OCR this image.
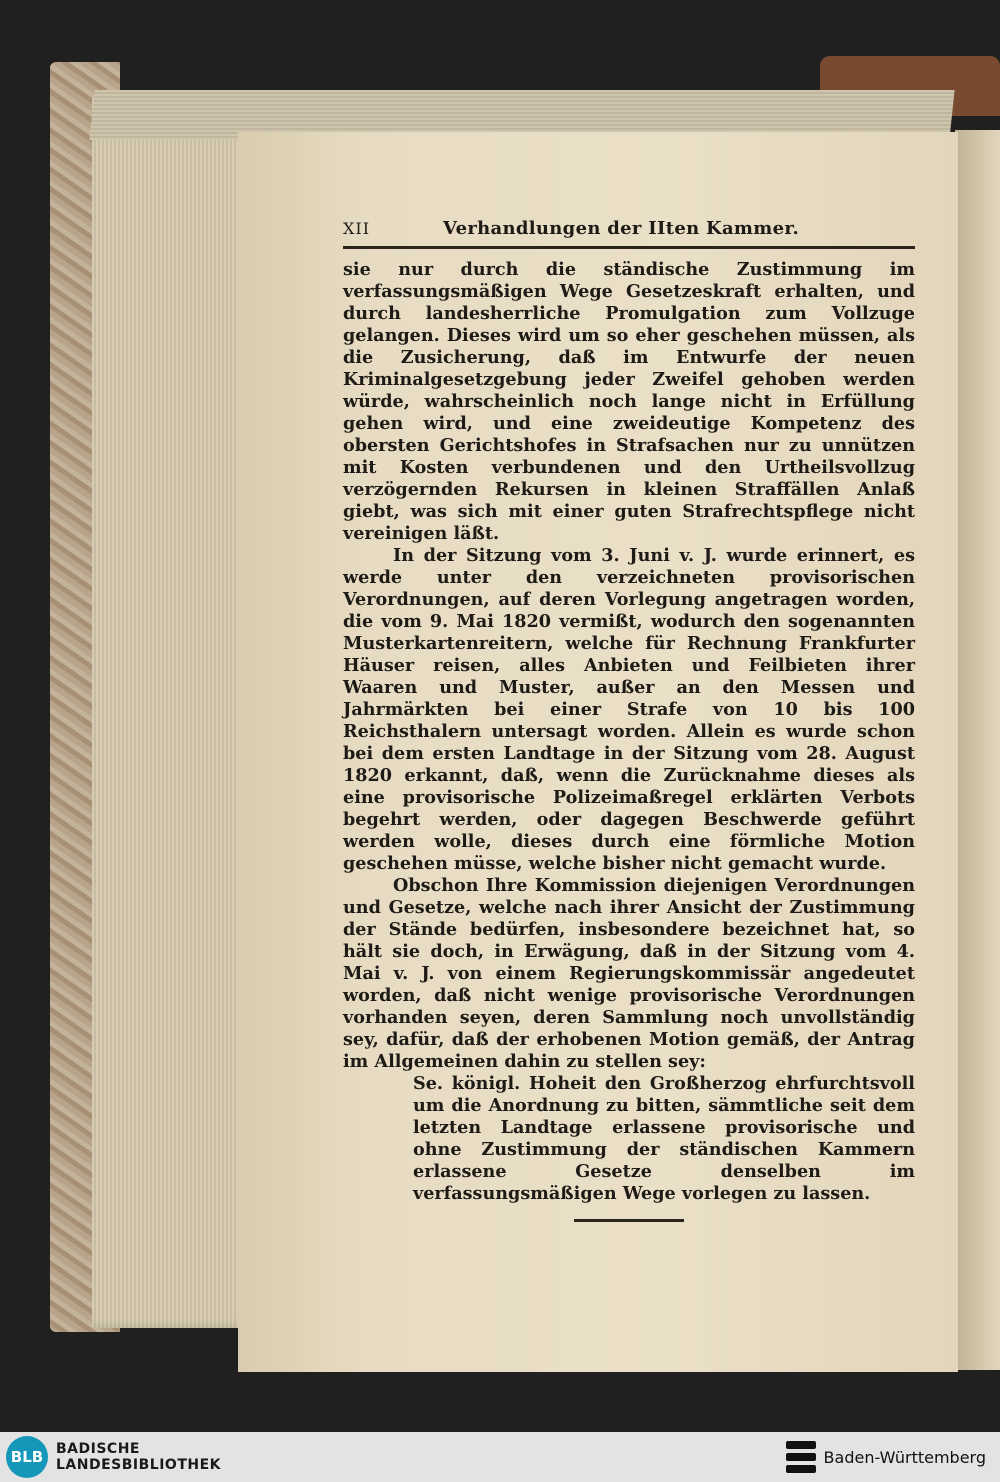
XII	Verhandlungen der IIten Kammer.

sie nur durch die ständische Zustimmung im verfassungsmäßigen Wege Gesetzeskraft erhalten, und durch landesherrliche Promulgation zum Vollzuge gelangen. Dieses wird um so eher geschehen müssen, als die Zusicherung, daß im Entwurfe der neuen Kriminalgesetzgebung jeder Zweifel gehoben werden würde, wahrscheinlich noch lange nicht in Erfüllung gehen wird, und eine zweideutige Kompetenz des obersten Gerichtshofes in Strafsachen nur zu unnützen mit Kosten verbundenen und den Urtheilsvollzug verzögernden Rekursen in kleinen Straffällen Anlaß giebt, was sich mit einer guten Strafrechtspflege nicht vereinigen läßt.

In der Sitzung vom 3. Juni v. J. wurde erinnert, es werde unter den verzeichneten provisorischen Verordnungen, auf deren Vorlegung angetragen worden, die vom 9. Mai 1820 vermißt, wodurch den sogenannten Musterkartenreitern, welche für Rechnung Frankfurter Häuser reisen, alles Anbieten und Feilbieten ihrer Waaren und Muster, außer an den Messen und Jahrmärkten bei einer Strafe von 10 bis 100 Reichsthalern untersagt worden. Allein es wurde schon bei dem ersten Landtage in der Sitzung vom 28. August 1820 erkannt, daß, wenn die Zurücknahme dieses als eine provisorische Polizeimaßregel erklärten Verbots begehrt werden, oder dagegen Beschwerde geführt werden wolle, dieses durch eine förmliche Motion geschehen müsse, welche bisher nicht gemacht wurde.

Obschon Ihre Kommission diejenigen Verordnungen und Gesetze, welche nach ihrer Ansicht der Zustimmung der Stände bedürfen, insbesondere bezeichnet hat, so hält sie doch, in Erwägung, daß in der Sitzung vom 4. Mai v. J. von einem Regierungskommissär angedeutet worden, daß nicht wenige provisorische Verordnungen vorhanden seyen, deren Sammlung noch unvollständig sey, dafür, daß der erhobenen Motion gemäß, der Antrag im Allgemeinen dahin zu stellen sey:

Se. königl. Hoheit den Großherzog ehrfurchtsvoll um die Anordnung zu bitten, sämmtliche seit dem letzten Landtage erlassene provisorische und ohne Zustimmung der ständischen Kammern erlassene Gesetze denselben im verfassungsmäßigen Wege vorlegen zu lassen.

BLB BADISCHE
LANDESBIBLIOTHEK	Baden-Württemberg
